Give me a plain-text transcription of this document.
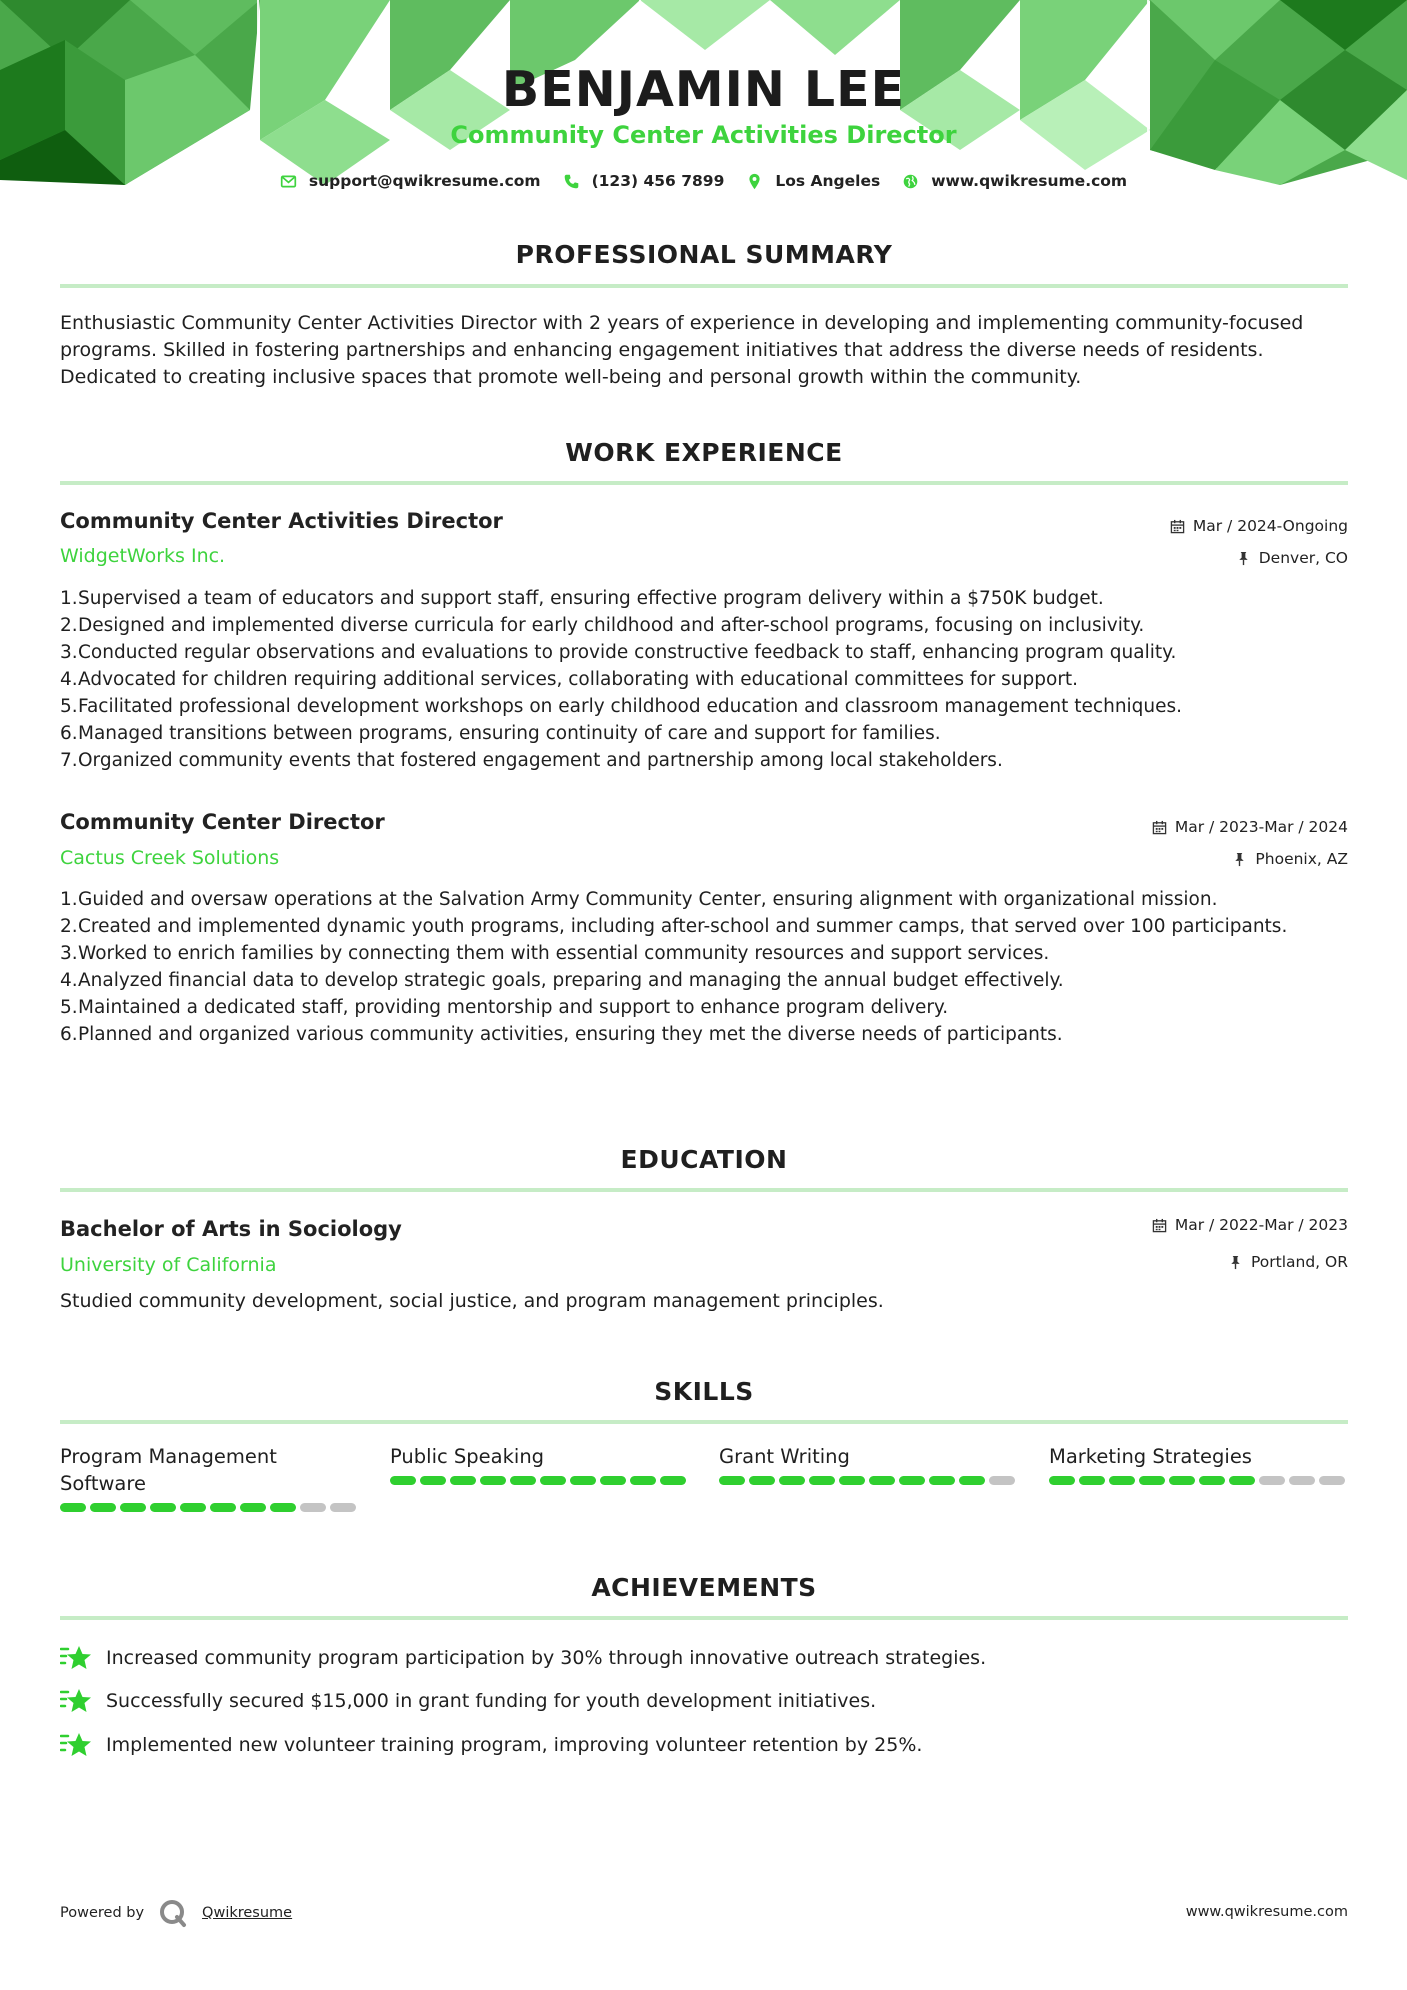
BENJAMIN LEE
Community Center Activities Director
support@qwikresume.com	(123) 456 7899	Los Angeles	www.qwikresume.com
PROFESSIONAL SUMMARY
Enthusiastic Community Center Activities Director with 2 years of experience in developing and implementing community-focused programs. Skilled in fostering partnerships and enhancing engagement initiatives that address the diverse needs of residents. Dedicated to creating inclusive spaces that promote well-being and personal growth within the community.
WORK EXPERIENCE
Community Center Activities Director
WidgetWorks Inc.
Mar / 2024-Ongoing
Denver, CO
1. Supervised a team of educators and support staff, ensuring effective program delivery within a $750K budget.
2. Designed and implemented diverse curricula for early childhood and after-school programs, focusing on inclusivity.
3. Conducted regular observations and evaluations to provide constructive feedback to staff, enhancing program quality.
4. Advocated for children requiring additional services, collaborating with educational committees for support.
5. Facilitated professional development workshops on early childhood education and classroom management techniques.
6. Managed transitions between programs, ensuring continuity of care and support for families.
7. Organized community events that fostered engagement and partnership among local stakeholders.
Community Center Director
Cactus Creek Solutions
Mar / 2023-Mar / 2024
Phoenix, AZ
1. Guided and oversaw operations at the Salvation Army Community Center, ensuring alignment with organizational mission.
2. Created and implemented dynamic youth programs, including after-school and summer camps, that served over 100 participants.
3. Worked to enrich families by connecting them with essential community resources and support services.
4. Analyzed financial data to develop strategic goals, preparing and managing the annual budget effectively.
5. Maintained a dedicated staff, providing mentorship and support to enhance program delivery.
6. Planned and organized various community activities, ensuring they met the diverse needs of participants.
EDUCATION
Bachelor of Arts in Sociology
University of California
Mar / 2022-Mar / 2023
Portland, OR
Studied community development, social justice, and program management principles.
SKILLS
Program Management Software
Public Speaking	Grant Writing	Marketing Strategies
ACHIEVEMENTS
Increased community program participation by 30% through innovative outreach strategies.
Successfully secured $15,000 in grant funding for youth development initiatives.
Implemented new volunteer training program, improving volunteer retention by 25%.
Powered by	Qwikresume	www.qwikresume.com
